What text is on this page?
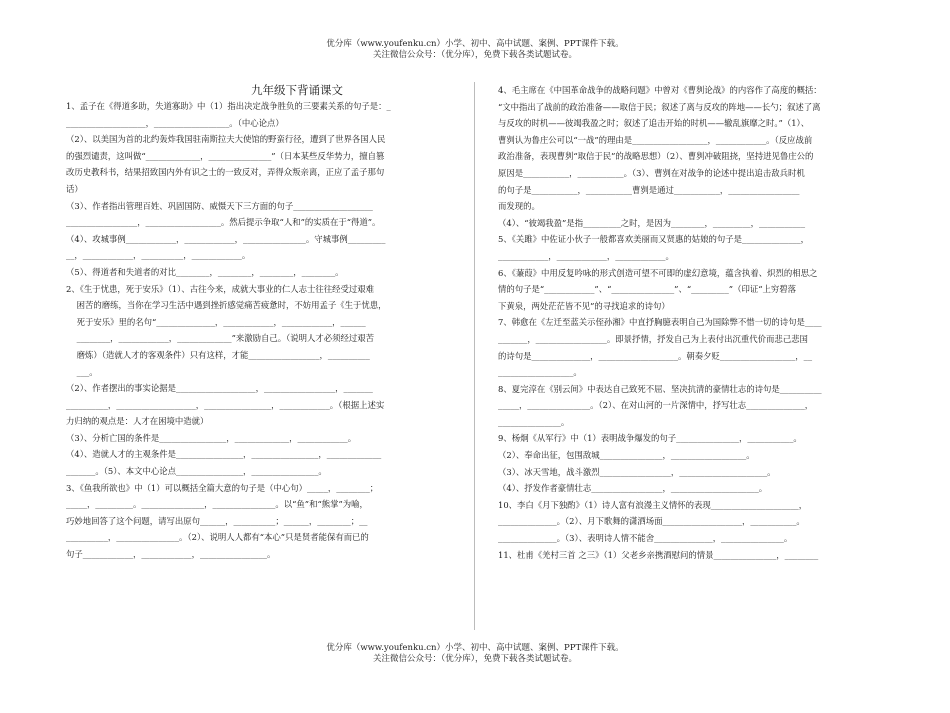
优分库（www.youfenku.cn）小学、初中、高中试题、案例、PPT课件下载。
关注微信公众号：（优分库），免费下载各类试题试卷。
九年级下背诵课文
1、孟子在《得道多助，失道寡助》中（1）指出决定战争胜负的三要素关系的句子是：_
___________________，__________________。（中心论点）
（2）、以美国为首的北约轰炸我国驻南斯拉夫大使馆的野蛮行径，遭到了世界各国人民
的强烈谴责，这叫做“_____________，_______________”（日本某些反华势力，擅自篡
改历史教科书，结果招致国内外有识之士的一致反对，弄得众叛亲离，正应了孟子那句
话）
（3）、作者指出管理百姓、巩固国防、威慑天下三方面的句子___________________
_________________，__________________。然后提示争取“人和”的实质在于“得道”。
（4）、攻城事例____________，____________，_______________。守城事例_________
__，____________，__________，____________。
（5）、得道者和失道者的对比________，________，________，________。
2、《生于忧患，死于安乐》（1）、古往今来，成就大事业的仁人志士往往经受过艰难
困苦的磨练，当你在学习生活中遇到挫折感觉痛苦疲惫时，不妨用孟子《生于忧患，
死于安乐》里的名句“______________，____________，____________，______
________，____________，_____________”来激励自己。（说明人才必须经过艰苦
磨炼）（造就人才的客观条件）只有这样，才能_________________，__________
___。
（2）、作者摆出的事实论据是___________________，_________________，_______
__________，___________________，________________，____________。（根据上述实
力归纳的观点是：人才在困境中造就）
（3）、分析亡国的条件是________________，_____________，____________。
（4）、造就人才的主观条件是________________，________________，_____________
_______。（5）、本文中心论点________________，________________。
3、《鱼我所欲也》中（1）可以概括全篇大意的句子是（中心句）_____，________；
_____，_________。_______________，_______________。以“鱼”和“熊掌”为喻，
巧妙地回答了这个问题，请写出原句______，__________；______，________；__
__________，_______________。（2）、说明人人都有“本心”只是贤者能保有而已的
句子____________，____________，________________。
4、毛主席在《中国革命战争的战略问题》中曾对《曹刿论战》的内容作了高度的概括：
“文中指出了战前的政治准备——取信于民；叙述了离与反攻的阵地——长勺；叙述了离
与反攻的时机——彼竭我盈之时；叙述了追击开始的时机——辙乱旗靡之时。”（1）、
曹刿认为鲁庄公可以“一战”的理由是__________________，____________。（反应战前
政治准备，表现曹刿“取信于民”的战略思想）（2）、曹刿冲破阻挠，坚持进见鲁庄公的
原因是___________，___________。（3）、曹刿在对战争的论述中提出追击敌兵时机
的句子是___________，___________曹刿是通过___________，_________________
而发现的。
（4）、“彼竭我盈”是指_________之时，是因为________，_________，___________
5、《关雎》中佐证小伙子一般都喜欢美丽而又贤惠的姑娘的句子是______________，
____________，____________，____________。
6、《蒹葭》中用反复吟咏的形式创造可望不可即的虚幻意境，蕴含执着、炽烈的相思之
情的句子是“____________”、“_______________”、“_________”（印证“上穷碧落
下黄泉，两处茫茫皆不见”的寻找追求的诗句）
7、韩愈在《左迁至蓝关示侄孙湘》中直抒胸臆表明自己为国除弊不惜一切的诗句是____
_______，_________________。即景抒情，抒发自己为上表付出沉重代价而悲己悲国
的诗句是______________，___________________。朝奏夕贬__________________，__
__________________。
8、夏完淳在《别云间》中表达自己致死不屈、坚决抗清的豪情壮志的诗句是__________
_____，_______________。（2）、在对山河的一片深情中，抒写壮志______________，
_______________。
9、杨炯《从军行》中（1）表明战争爆发的句子_______________，___________。
（2）、奉命出征，包围敌城_______________，__________________。
（3）、冰天雪地，战斗激烈_________________，_____________________。
（4）、抒发作者豪情壮志_________________，_____________________。
10、李白《月下独酌》（1）诗人富有浪漫主义情怀的表现_____________________，
______________。（2）、月下歌舞的潇洒场面___________________，___________。
______________。（3）、表明诗人情不能舍______________，_______________。
11、杜甫《羌村三首 之三》（1）父老乡亲携酒慰问的情景_______________，________
优分库（www.youfenku.cn）小学、初中、高中试题、案例、PPT课件下载。
关注微信公众号：（优分库），免费下载各类试题试卷。
